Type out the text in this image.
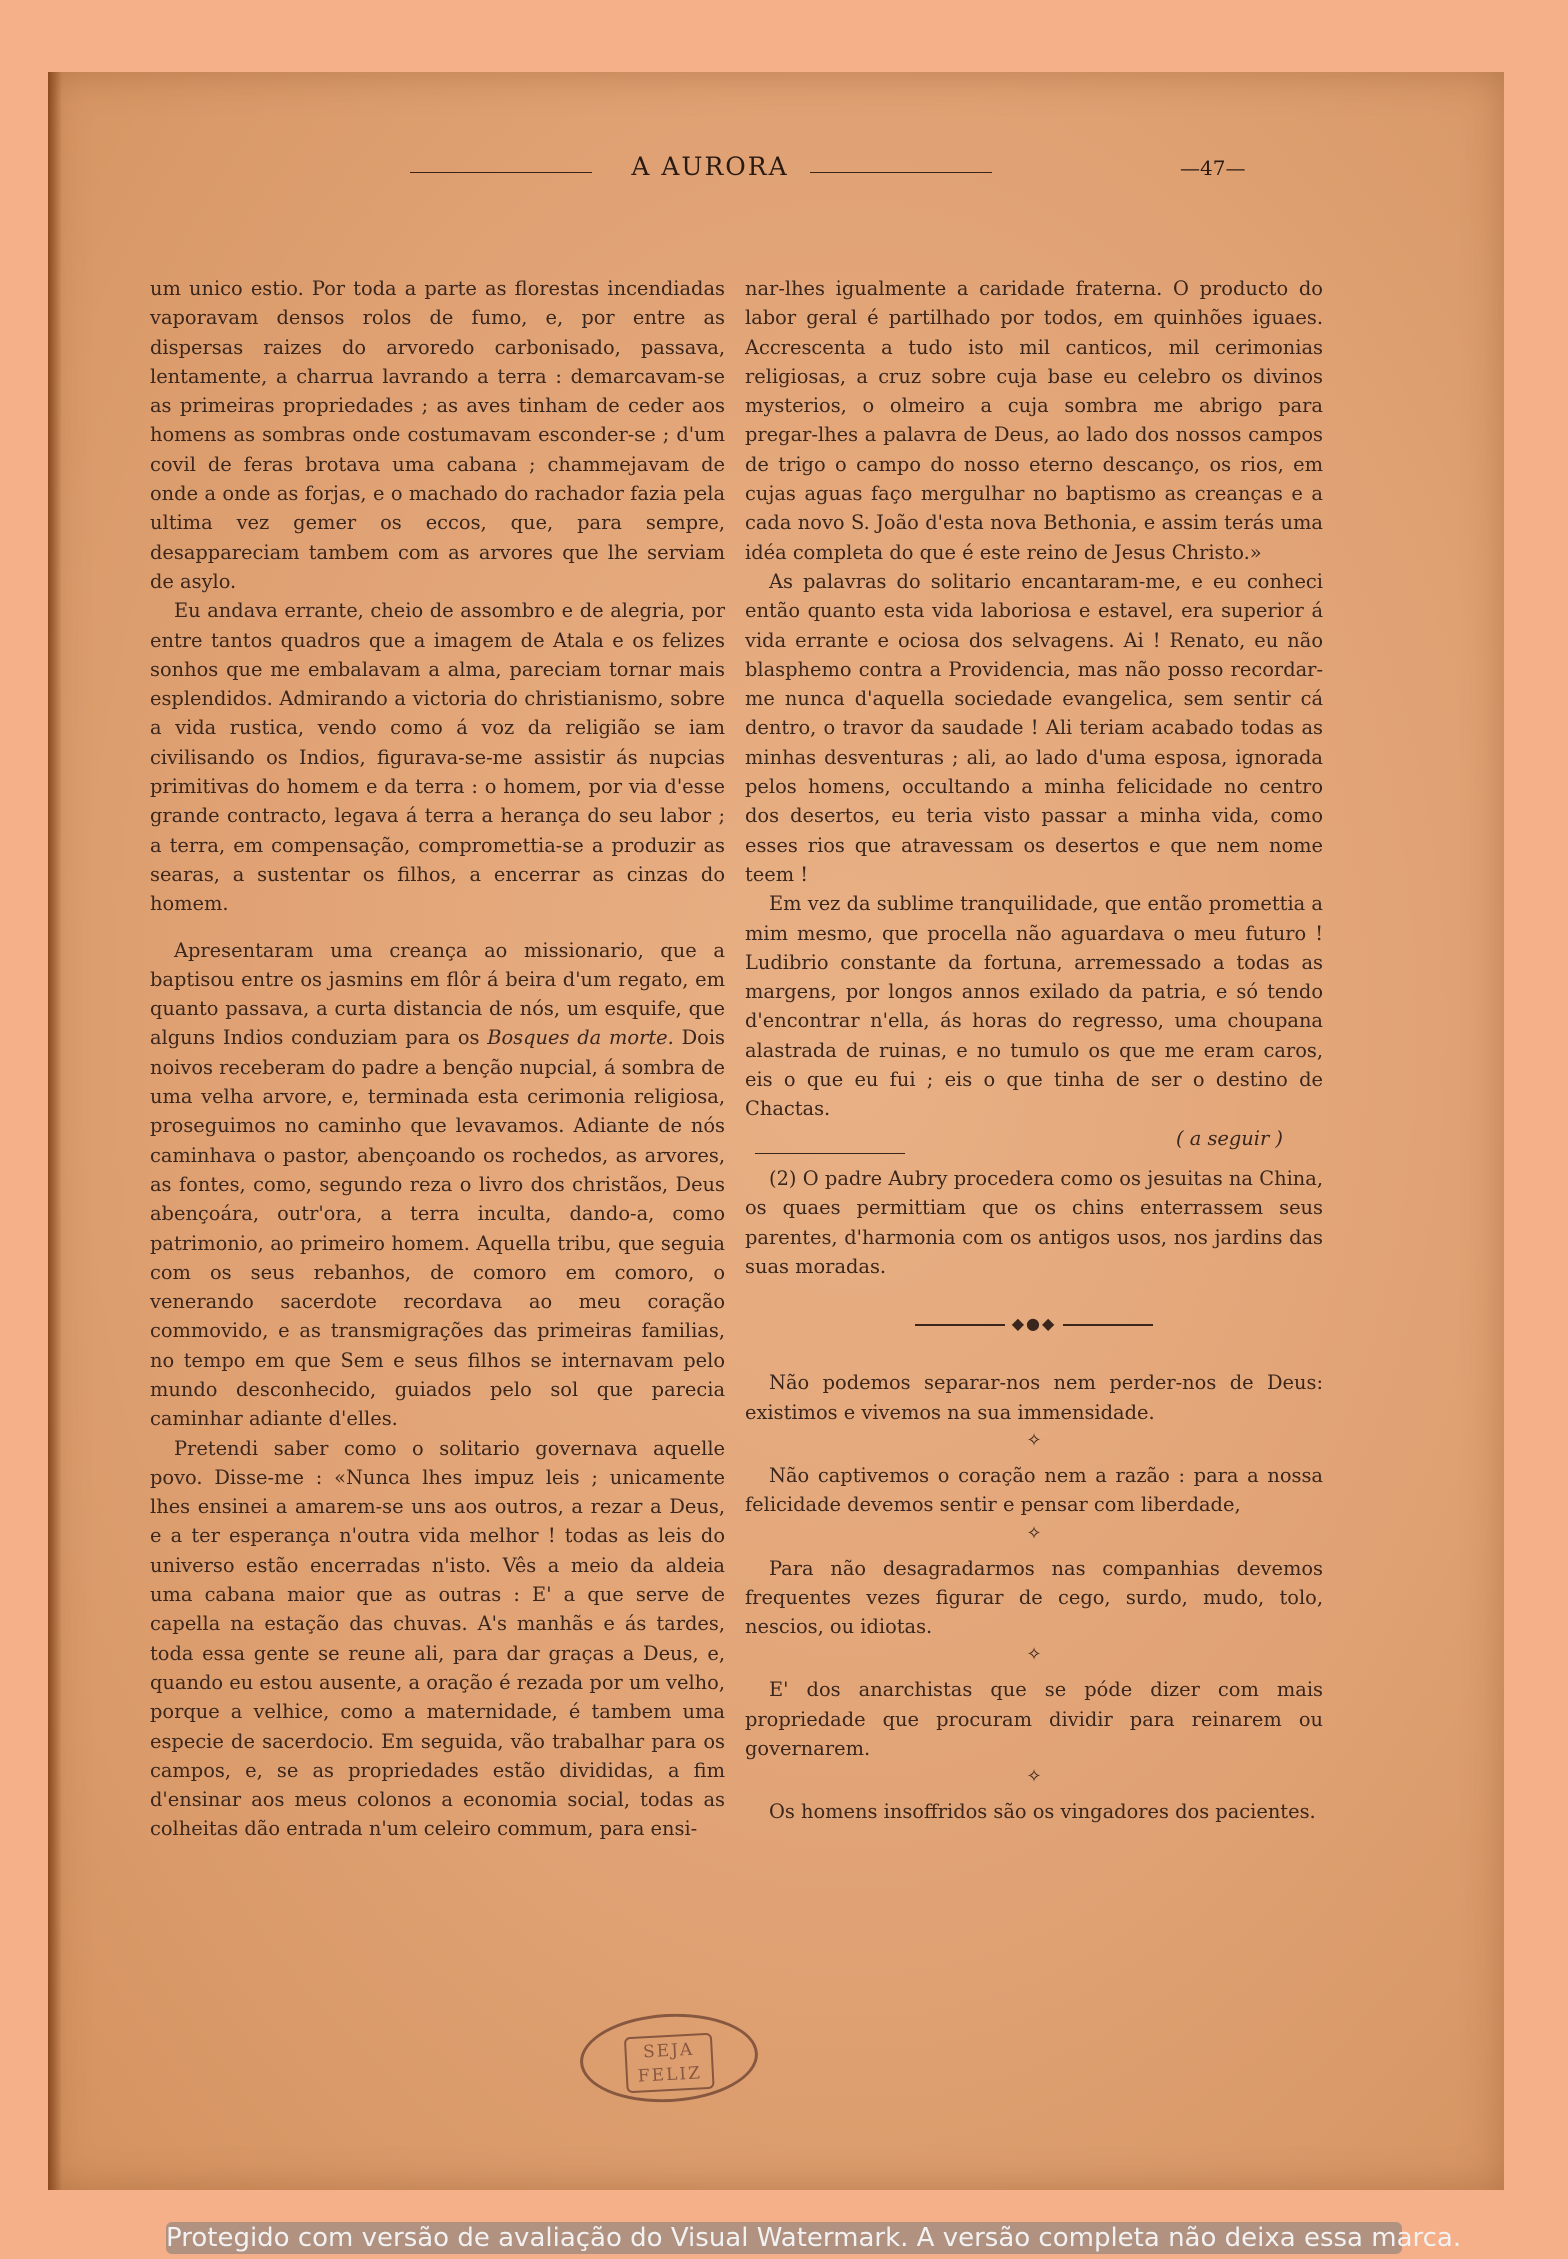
A AURORA	—47—

um unico estio. Por toda a parte as florestas incendiadas vaporavam densos rolos de fumo, e, por entre as dispersas raizes do arvoredo carbonisado, passava, lentamente, a charrua lavrando a terra : demarcavam-se as primeiras propriedades ; as aves tinham de ceder aos homens as sombras onde costumavam esconder-se ; d'um covil de feras brotava uma cabana ; chammejavam de onde a onde as forjas, e o machado do rachador fazia pela ultima vez gemer os eccos, que, para sempre, desappareciam tambem com as arvores que lhe serviam de asylo.

Eu andava errante, cheio de assombro e de alegria, por entre tantos quadros que a imagem de Atala e os felizes sonhos que me embalavam a alma, pareciam tornar mais esplendidos. Admirando a victoria do christianismo, sobre a vida rustica, vendo como á voz da religião se iam civilisando os Indios, figurava-se-me assistir ás nupcias primitivas do homem e da terra : o homem, por via d'esse grande contracto, legava á terra a herança do seu labor ; a terra, em compensação, compromettia-se a produzir as searas, a sustentar os filhos, a encerrar as cinzas do homem.

Apresentaram uma creança ao missionario, que a baptisou entre os jasmins em flôr á beira d'um regato, em quanto passava, a curta distancia de nós, um esquife, que alguns Indios conduziam para os Bosques da morte. Dois noivos receberam do padre a benção nupcial, á sombra de uma velha arvore, e, terminada esta cerimonia religiosa, proseguimos no caminho que levavamos. Adiante de nós caminhava o pastor, abençoando os rochedos, as arvores, as fontes, como, segundo reza o livro dos christãos, Deus abençoára, outr'ora, a terra inculta, dando-a, como patrimonio, ao primeiro homem. Aquella tribu, que seguia com os seus rebanhos, de comoro em comoro, o venerando sacerdote recordava ao meu coração commovido, e as transmigrações das primeiras familias, no tempo em que Sem e seus filhos se internavam pelo mundo desconhecido, guiados pelo sol que parecia caminhar adiante d'elles.

Pretendi saber como o solitario governava aquelle povo. Disse-me : «Nunca lhes impuz leis ; unicamente lhes ensinei a amarem-se uns aos outros, a rezar a Deus, e a ter esperança n'outra vida melhor ! todas as leis do universo estão encerradas n'isto. Vês a meio da aldeia uma cabana maior que as outras : E' a que serve de capella na estação das chuvas. A's manhãs e ás tardes, toda essa gente se reune ali, para dar graças a Deus, e, quando eu estou ausente, a oração é rezada por um velho, porque a velhice, como a maternidade, é tambem uma especie de sacerdocio. Em seguida, vão trabalhar para os campos, e, se as propriedades estão divididas, a fim d'ensinar aos meus colonos a economia social, todas as colheitas dão entrada n'um celeiro commum, para ensi-

nar-lhes igualmente a caridade fraterna. O producto do labor geral é partilhado por todos, em quinhões iguaes. Accrescenta a tudo isto mil canticos, mil cerimonias religiosas, a cruz sobre cuja base eu celebro os divinos mysterios, o olmeiro a cuja sombra me abrigo para pregar-lhes a palavra de Deus, ao lado dos nossos campos de trigo o campo do nosso eterno descanço, os rios, em cujas aguas faço mergulhar no baptismo as creanças e a cada novo S. João d'esta nova Bethonia, e assim terás uma idéa completa do que é este reino de Jesus Christo.»

As palavras do solitario encantaram-me, e eu conheci então quanto esta vida laboriosa e estavel, era superior á vida errante e ociosa dos selvagens. Ai ! Renato, eu não blasphemo contra a Providencia, mas não posso recordar-me nunca d'aquella sociedade evangelica, sem sentir cá dentro, o travor da saudade ! Ali teriam acabado todas as minhas desventuras ; ali, ao lado d'uma esposa, ignorada pelos homens, occultando a minha felicidade no centro dos desertos, eu teria visto passar a minha vida, como esses rios que atravessam os desertos e que nem nome teem !

Em vez da sublime tranquilidade, que então promettia a mim mesmo, que procella não aguardava o meu futuro ! Ludibrio constante da fortuna, arremessado a todas as margens, por longos annos exilado da patria, e só tendo d'encontrar n'ella, ás horas do regresso, uma choupana alastrada de ruinas, e no tumulo os que me eram caros, eis o que eu fui ; eis o que tinha de ser o destino de Chactas.

( a seguir )

(2) O padre Aubry procedera como os jesuitas na China, os quaes permittiam que os chins enterrassem seus parentes, d'harmonia com os antigos usos, nos jardins das suas moradas.

◆●◆

Não podemos separar-nos nem perder-nos de Deus: existimos e vivemos na sua immensidade.

✧

Não captivemos o coração nem a razão : para a nossa felicidade devemos sentir e pensar com liberdade,

✧

Para não desagradarmos nas companhias devemos frequentes vezes figurar de cego, surdo, mudo, tolo, nescios, ou idiotas.

✧

E' dos anarchistas que se póde dizer com mais propriedade que procuram dividir para reinarem ou governarem.

✧

Os homens insoffridos são os vingadores dos pacientes.

SEJA
FELIZ
Protegido com versão de avaliação do Visual Watermark. A versão completa não deixa essa marca.
